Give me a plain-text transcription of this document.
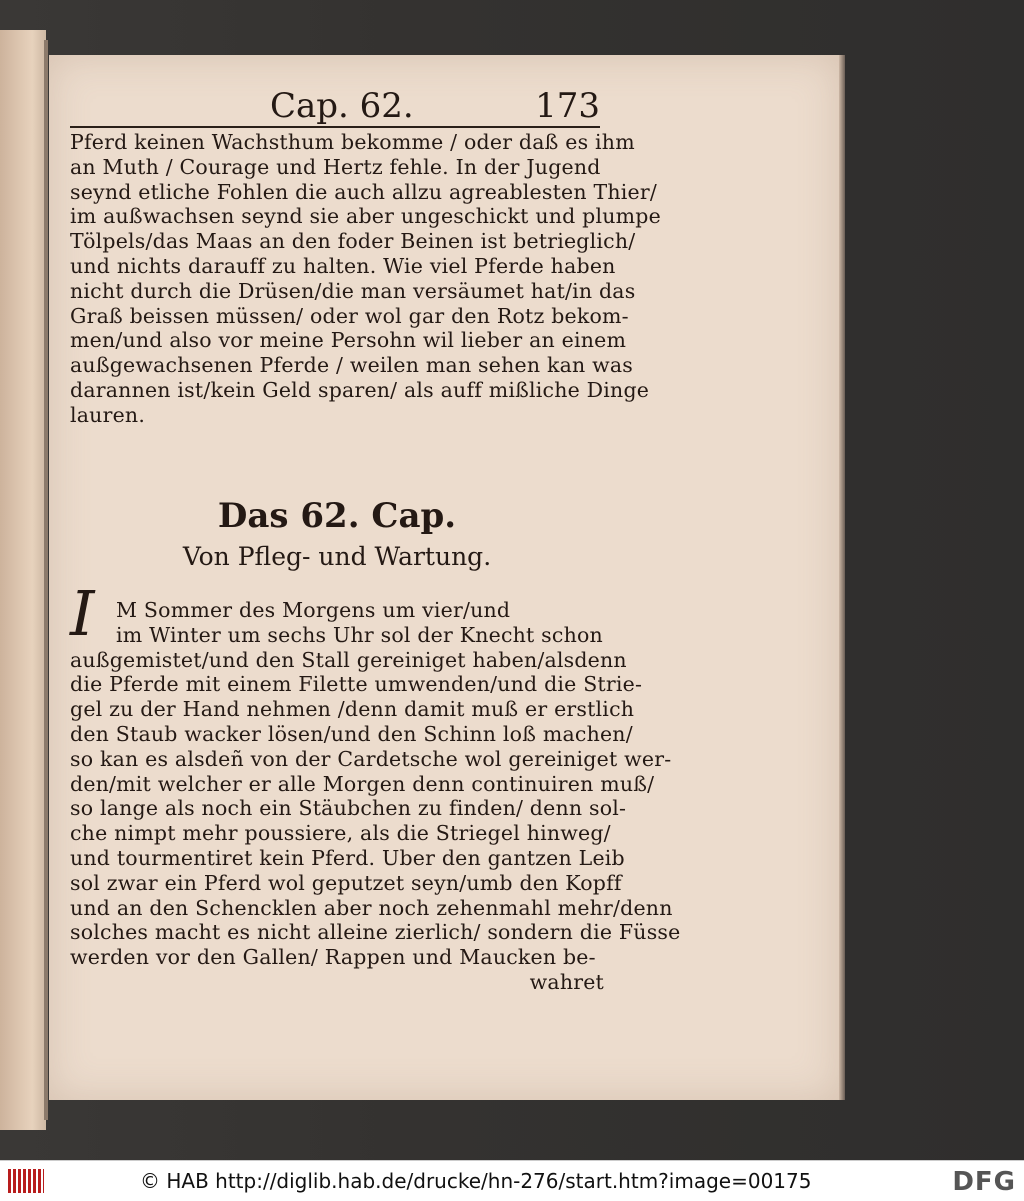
Cap. 62.	173
Pferd keinen Wachsthum bekomme / oder daß es ihm
an Muth / Courage und Hertz fehle. In der Jugend
seynd etliche Fohlen die auch allzu agreablesten Thier/
im außwachsen seynd sie aber ungeschickt und plumpe
Tölpels/das Maas an den foder Beinen ist betrieglich/
und nichts darauff zu halten. Wie viel Pferde haben
nicht durch die Drüsen/die man versäumet hat/in das
Graß beissen müssen/ oder wol gar den Rotz bekom-
men/und also vor meine Persohn wil lieber an einem
außgewachsenen Pferde / weilen man sehen kan was
darannen ist/kein Geld sparen/ als auff mißliche Dinge
lauren.
Das 62. Cap.
Von Pfleg- und Wartung.
I	M Sommer des Morgens um vier/und
im Winter um sechs Uhr sol der Knecht schon
außgemistet/und den Stall gereiniget haben/alsdenn
die Pferde mit einem Filette umwenden/und die Strie-
gel zu der Hand nehmen /denn damit muß er erstlich
den Staub wacker lösen/und den Schinn loß machen/
so kan es alsdeñ von der Cardetsche wol gereiniget wer-
den/mit welcher er alle Morgen denn continuiren muß/
so lange als noch ein Stäubchen zu finden/ denn sol-
che nimpt mehr poussiere, als die Striegel hinweg/
und tourmentiret kein Pferd. Uber den gantzen Leib
sol zwar ein Pferd wol geputzet seyn/umb den Kopff
und an den Schencklen aber noch zehenmahl mehr/denn
solches macht es nicht alleine zierlich/ sondern die Füsse
werden vor den Gallen/ Rappen und Maucken be-
wahret
© HAB http://diglib.hab.de/drucke/hn-276/start.htm?image=00175	DFG
